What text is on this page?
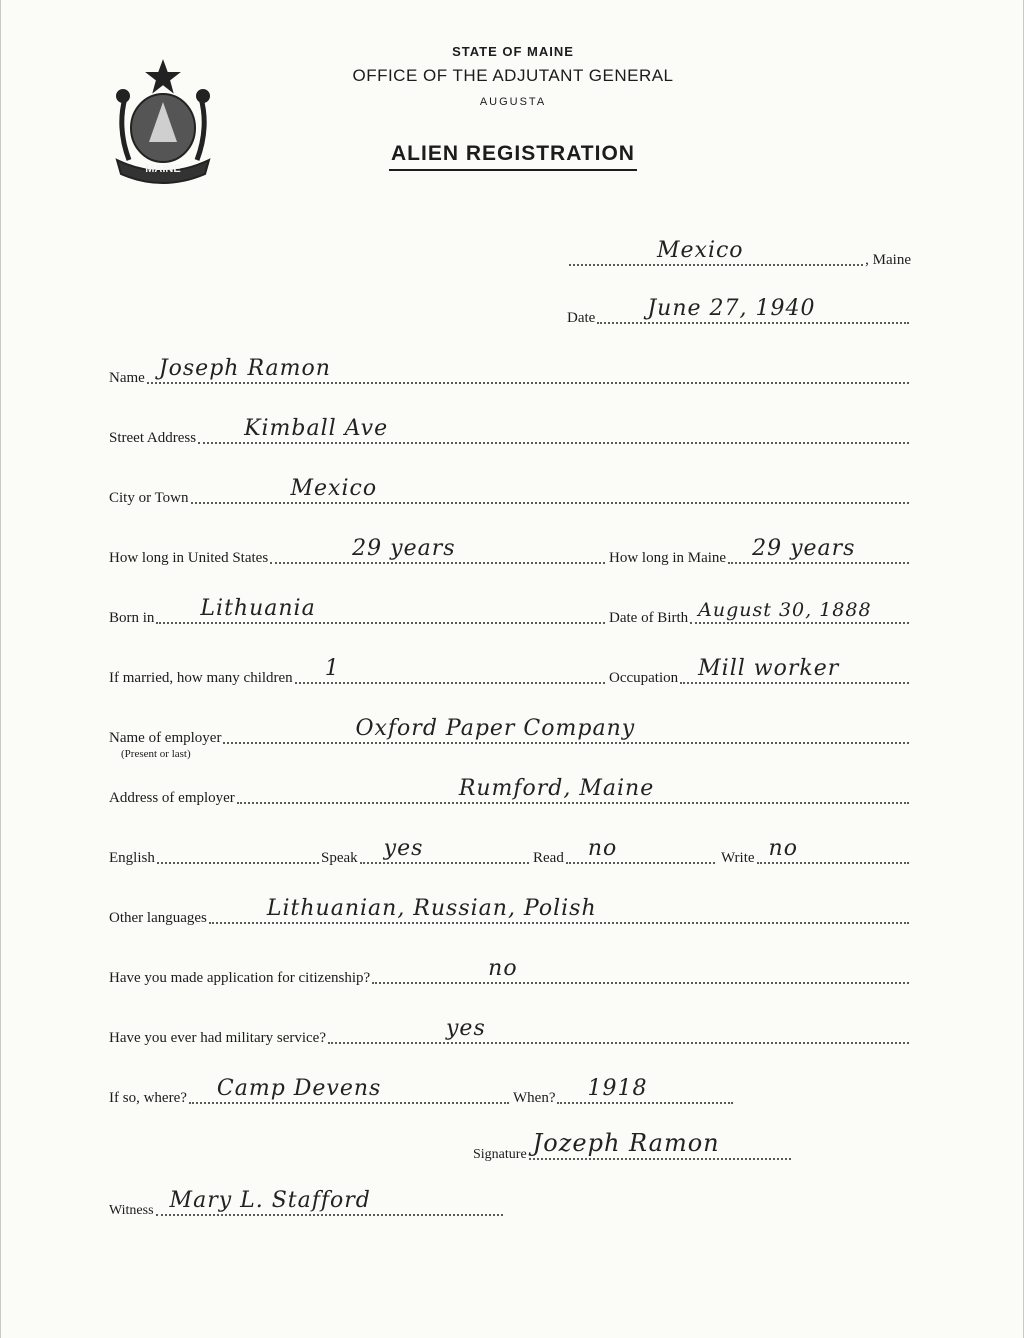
MAINE
STATE OF MAINE
OFFICE OF THE ADJUTANT GENERAL
AUGUSTA
ALIEN REGISTRATION
Mexico	, Maine
Date June 27, 1940
Name Joseph Ramon
Street Address Kimball Ave
City or Town	Mexico
How long in United States	29 years	How long in Maine 29 years
Born in Lithuania	Date of Birth August 30, 1888
If married, how many children 1	Occupation Mill worker
Name of employer
(Present or last)
Oxford Paper Company
Address of employer	Rumford, Maine
English	Speak yes	Read no	Write no
Other languages	Lithuanian, Russian, Polish
Have you made application for citizenship?	no
Have you ever had military service?	yes
If so, where? Camp Devens	When? 1918
Signature Jozeph Ramon
Witness Mary L. Stafford
